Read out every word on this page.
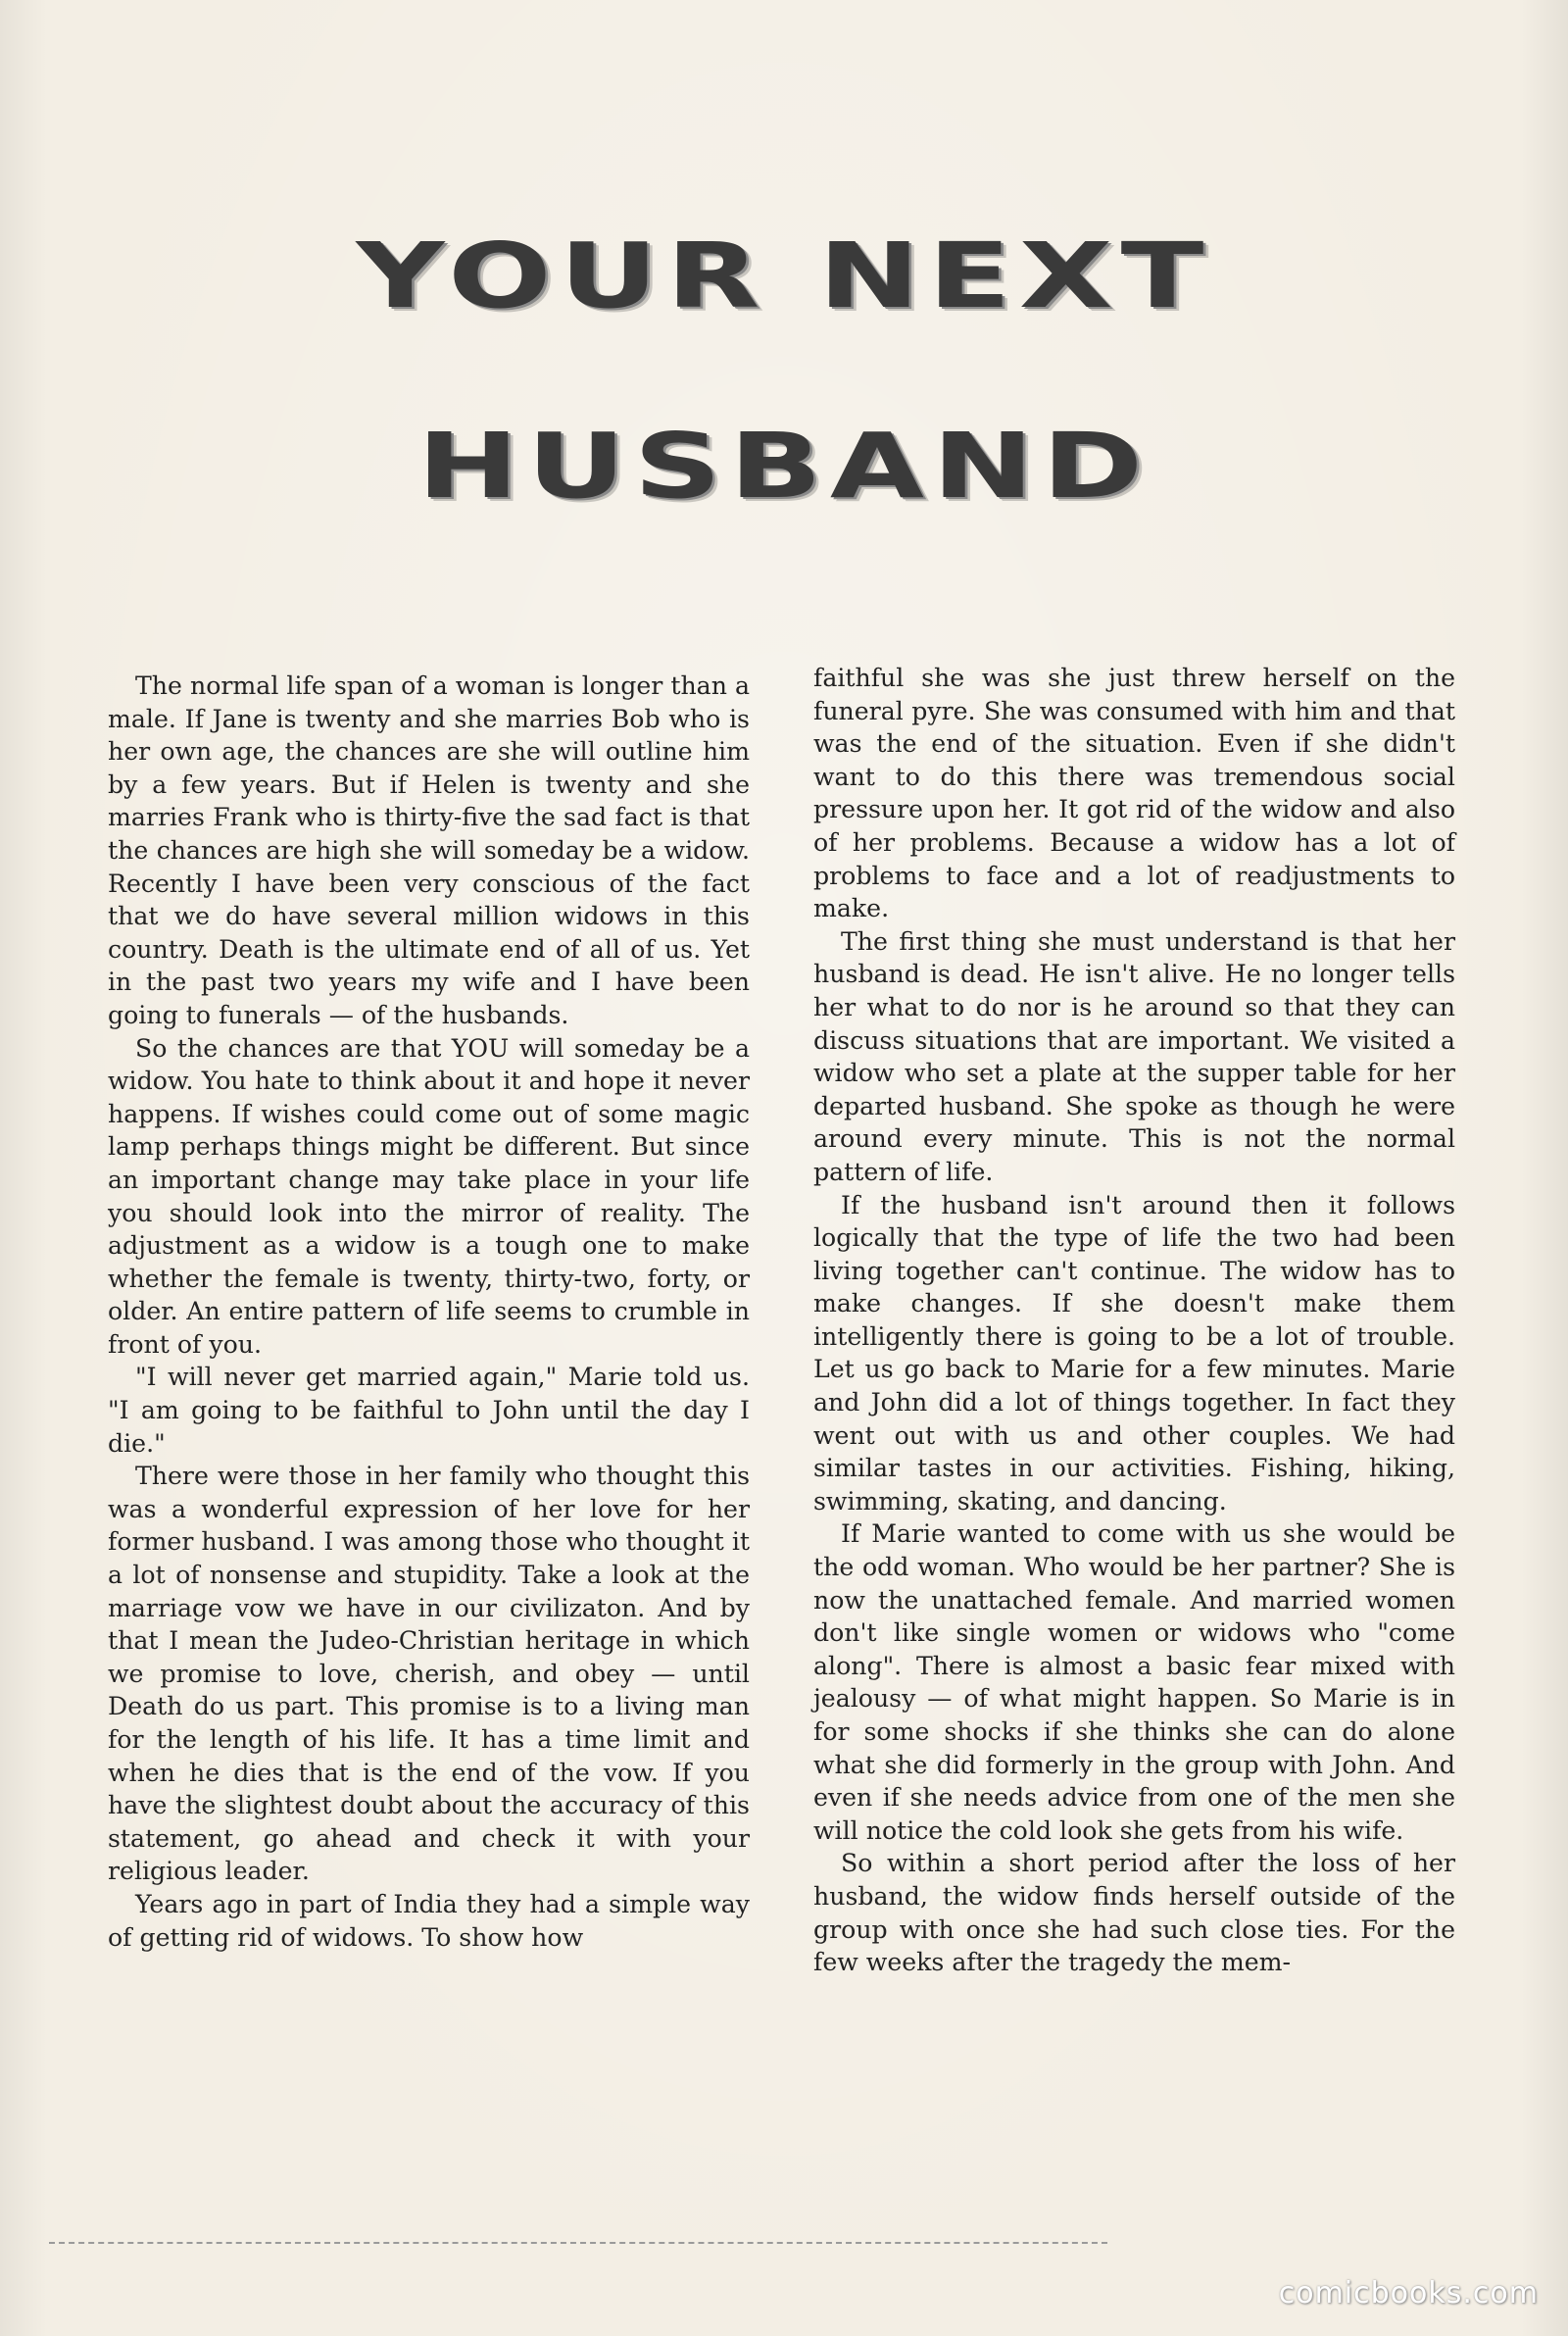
YOUR NEXT
HUSBAND

The normal life span of a woman is longer than a male. If Jane is twenty and she marries Bob who is her own age, the chances are she will outline him by a few years. But if Helen is twenty and she marries Frank who is thirty-five the sad fact is that the chances are high she will someday be a widow. Recently I have been very conscious of the fact that we do have several million widows in this country. Death is the ultimate end of all of us. Yet in the past two years my wife and I have been going to funerals — of the husbands.

So the chances are that YOU will someday be a widow. You hate to think about it and hope it never happens. If wishes could come out of some magic lamp perhaps things might be different. But since an important change may take place in your life you should look into the mirror of reality. The adjustment as a widow is a tough one to make whether the female is twenty, thirty-two, forty, or older. An entire pattern of life seems to crumble in front of you.

"I will never get married again," Marie told us. "I am going to be faithful to John until the day I die."

There were those in her family who thought this was a wonderful expression of her love for her former husband. I was among those who thought it a lot of nonsense and stupidity. Take a look at the marriage vow we have in our civilizaton. And by that I mean the Judeo-Christian heritage in which we promise to love, cherish, and obey — until Death do us part. This promise is to a living man for the length of his life. It has a time limit and when he dies that is the end of the vow. If you have the slightest doubt about the accuracy of this statement, go ahead and check it with your religious leader.

Years ago in part of India they had a simple way of getting rid of widows. To show how

faithful she was she just threw herself on the funeral pyre. She was consumed with him and that was the end of the situation. Even if she didn't want to do this there was tremendous social pressure upon her. It got rid of the widow and also of her problems. Because a widow has a lot of problems to face and a lot of readjustments to make.

The first thing she must understand is that her husband is dead. He isn't alive. He no longer tells her what to do nor is he around so that they can discuss situations that are important. We visited a widow who set a plate at the supper table for her departed husband. She spoke as though he were around every minute. This is not the normal pattern of life.

If the husband isn't around then it follows logically that the type of life the two had been living together can't continue. The widow has to make changes. If she doesn't make them intelligently there is going to be a lot of trouble. Let us go back to Marie for a few minutes. Marie and John did a lot of things together. In fact they went out with us and other couples. We had similar tastes in our activities. Fishing, hiking, swimming, skating, and dancing.

If Marie wanted to come with us she would be the odd woman. Who would be her partner? She is now the unattached female. And married women don't like single women or widows who "come along". There is almost a basic fear mixed with jealousy — of what might happen. So Marie is in for some shocks if she thinks she can do alone what she did formerly in the group with John. And even if she needs advice from one of the men she will notice the cold look she gets from his wife.

So within a short period after the loss of her husband, the widow finds herself outside of the group with once she had such close ties. For the few weeks after the tragedy the mem-

comicbooks.com
